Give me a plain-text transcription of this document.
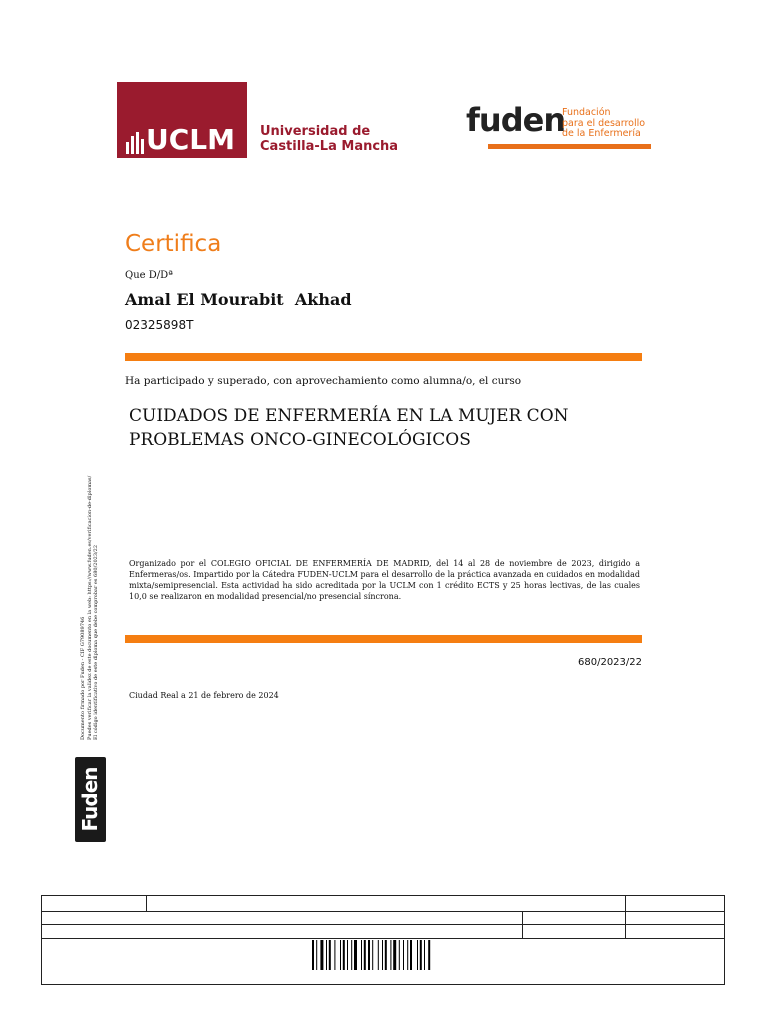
UCLM Universidad de
Castilla-La Mancha
fuden
Fundación
para el desarrollo
de la Enfermería
Certifica
Que D/Dª
Amal El Mourabit  Akhad
02325898T
Ha participado y superado, con aprovechamiento como alumna/o, el curso
CUIDADOS DE ENFERMERÍA EN LA MUJER CON
PROBLEMAS ONCO-GINECOLÓGICOS
Organizado por el COLEGIO OFICIAL DE ENFERMERÍA DE MADRID, del 14 al 28 de noviembre de 2023, dirigido a Enfermeras/os. Impartido por la Cátedra FUDEN-UCLM para el desarrollo de la práctica avanzada en cuidados en modalidad mixta/semipresencial. Esta actividad ha sido acreditada por la UCLM con 1 crédito ECTS y 25 horas lectivas, de las cuales 10,0 se realizaron en modalidad presencial/no presencial síncrona.
680/2023/22
Ciudad Real a 21 de febrero de 2024
Documento firmado por Fuden - CIF G79089746 Puedes verificar la validez de este documento en la web: https://www.fuden.es/verificacion-de-diplomas/ El código identificativo de este diploma que debe comprobar es 680/2023/22
Fuden
